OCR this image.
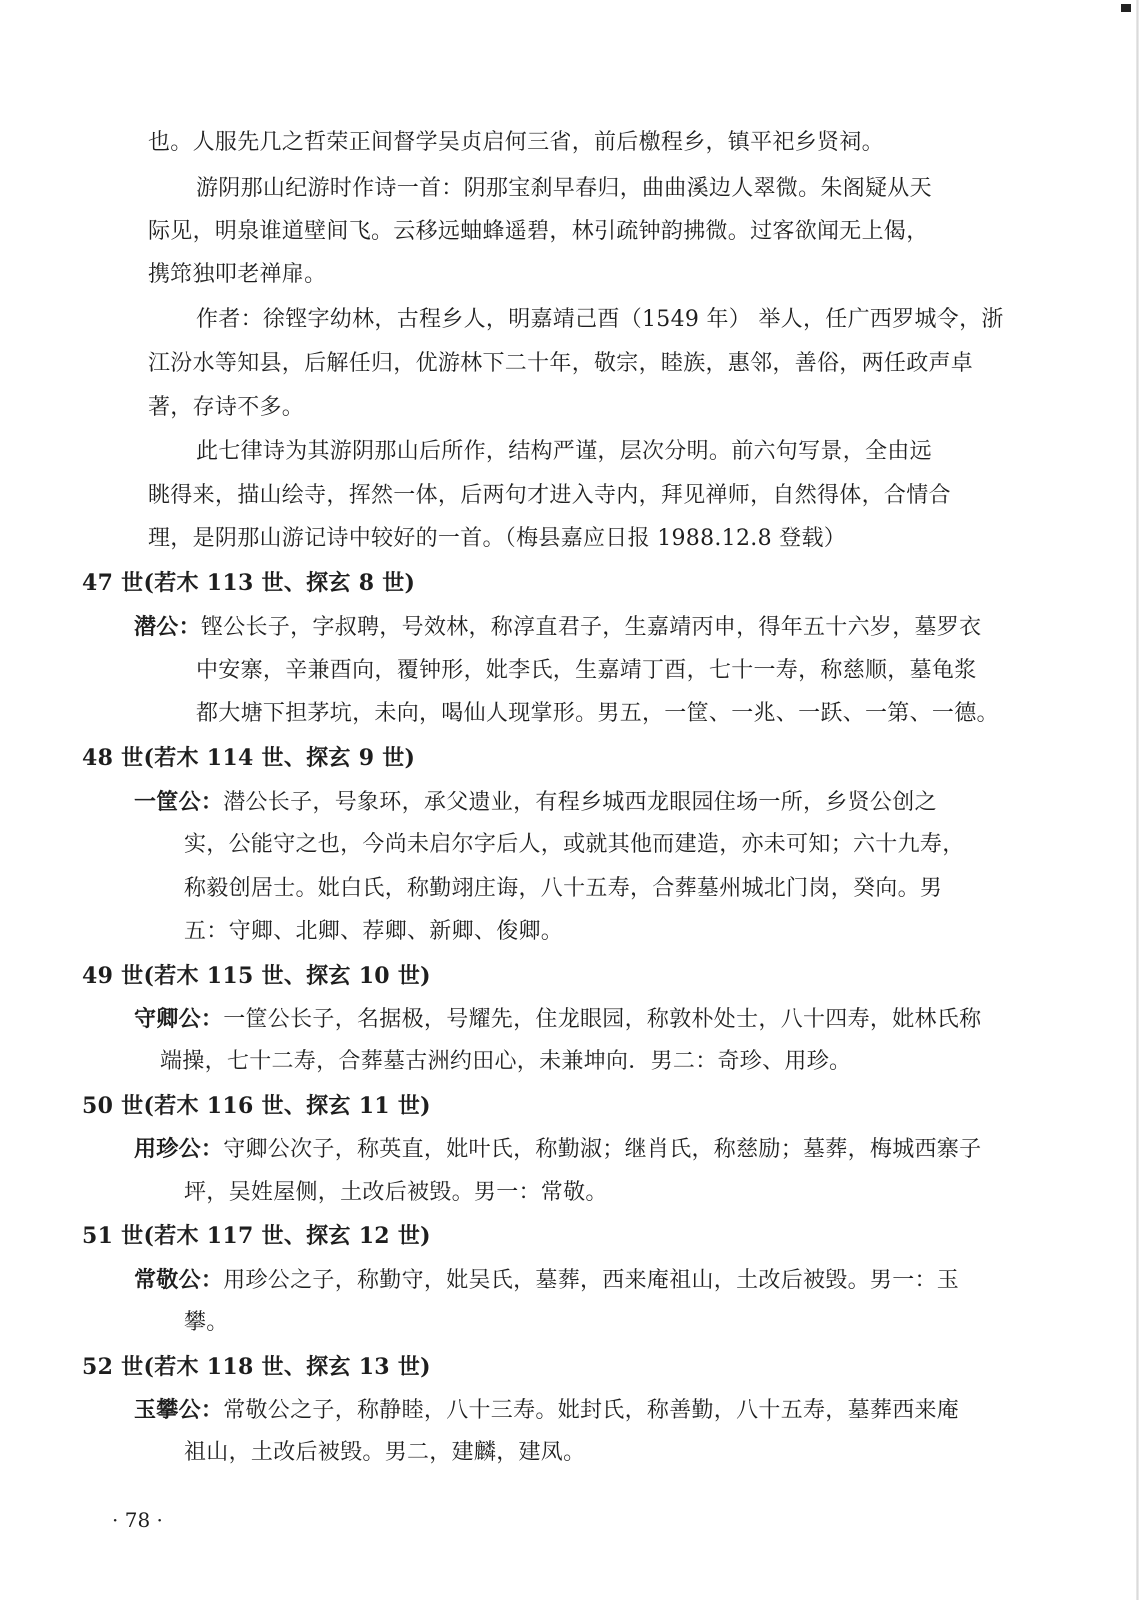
也。人服先几之哲荣正间督学吴贞启何三省，前后檄程乡，镇平祀乡贤祠。
游阴那山纪游时作诗一首：阴那宝刹早春归，曲曲溪边人翠微。朱阁疑从天
际见，明泉谁道壁间飞。云移远蚰蜂遥碧，林引疏钟韵拂微。过客欲闻无上偈，
携筇独叩老禅扉。
作者：徐铿字幼林，古程乡人，明嘉靖己酉（1549 年） 举人，任广西罗城令，浙
江汾水等知县，后解任归，优游林下二十年，敬宗，睦族，惠邻，善俗，两任政声卓
著，存诗不多。
此七律诗为其游阴那山后所作，结构严谨，层次分明。前六句写景，全由远
眺得来，描山绘寺，挥然一体，后两句才进入寺内，拜见禅师，自然得体，合情合
理，是阴那山游记诗中较好的一首。（梅县嘉应日报 1988.12.8 登载）
47 世(若木 113 世、探玄 8 世)
潜公：铿公长子，字叔聘，号效林，称淳直君子，生嘉靖丙申，得年五十六岁，墓罗衣
中安寨，辛兼酉向，覆钟形，妣李氏，生嘉靖丁酉，七十一寿，称慈顺，墓龟浆
都大塘下担茅坑，未向，喝仙人现掌形。男五，一筐、一兆、一跃、一第、一德。
48 世(若木 114 世、探玄 9 世)
一筐公：潜公长子，号象环，承父遗业，有程乡城西龙眼园住场一所，乡贤公创之
实，公能守之也，今尚未启尔字后人，或就其他而建造，亦未可知；六十九寿，
称毅创居士。妣白氏，称勤翊庄诲，八十五寿，合葬墓州城北门岗，癸向。男
五：守卿、北卿、荐卿、新卿、俊卿。
49 世(若木 115 世、探玄 10 世)
守卿公：一筐公长子，名据极，号耀先，住龙眼园，称敦朴处士，八十四寿，妣林氏称
端操，七十二寿，合葬墓古洲约田心，未兼坤向．男二：奇珍、用珍。
50 世(若木 116 世、探玄 11 世)
用珍公：守卿公次子，称英直，妣叶氏，称勤淑；继肖氏，称慈励；墓葬，梅城西寨子
坪，吴姓屋侧，土改后被毁。男一：常敬。
51 世(若木 117 世、探玄 12 世)
常敬公：用珍公之子，称勤守，妣吴氏，墓葬，西来庵祖山，土改后被毁。男一：玉
攀。
52 世(若木 118 世、探玄 13 世)
玉攀公：常敬公之子，称静睦，八十三寿。妣封氏，称善勤，八十五寿，墓葬西来庵
祖山，土改后被毁。男二，建麟，建凤。
· 78 ·
